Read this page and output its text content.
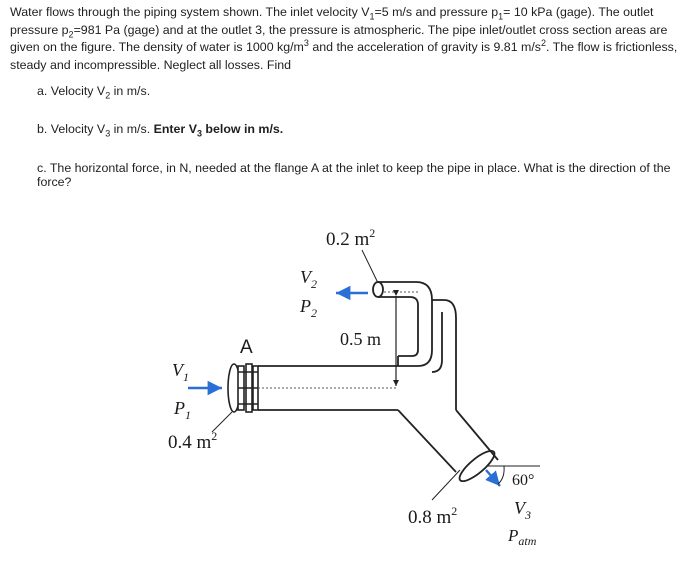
Water flows through the piping system shown. The inlet velocity $V_1=5$ m/s and pressure $p_1= 10$ kPa (gage). The outlet pressure $p_2=981$ Pa (gage) and at the outlet 3, the pressure is atmospheric. The pipe inlet/outlet cross section areas are given on the figure. The density of water is 1000 $kg/m^3$ and the acceleration of gravity is 9.81 $m/s^2$. The flow is frictionless, steady and incompressible. Neglect all losses. Find
a. Velocity $V_2$ in m/s.
b. Velocity $V_3$ in m/s. Enter $V_3$ below in m/s.
c. The horizontal force, in N, needed at the flange A at the inlet to keep the pipe in place. What is the direction of the force?
0.2 $m^2$
$V_2$
$P_2$
0.5 m
A
$V_1$
$P_1$
0.4 $m^2$
0.8 $m^2$
60°
$V_3$
$P_{atm}$
